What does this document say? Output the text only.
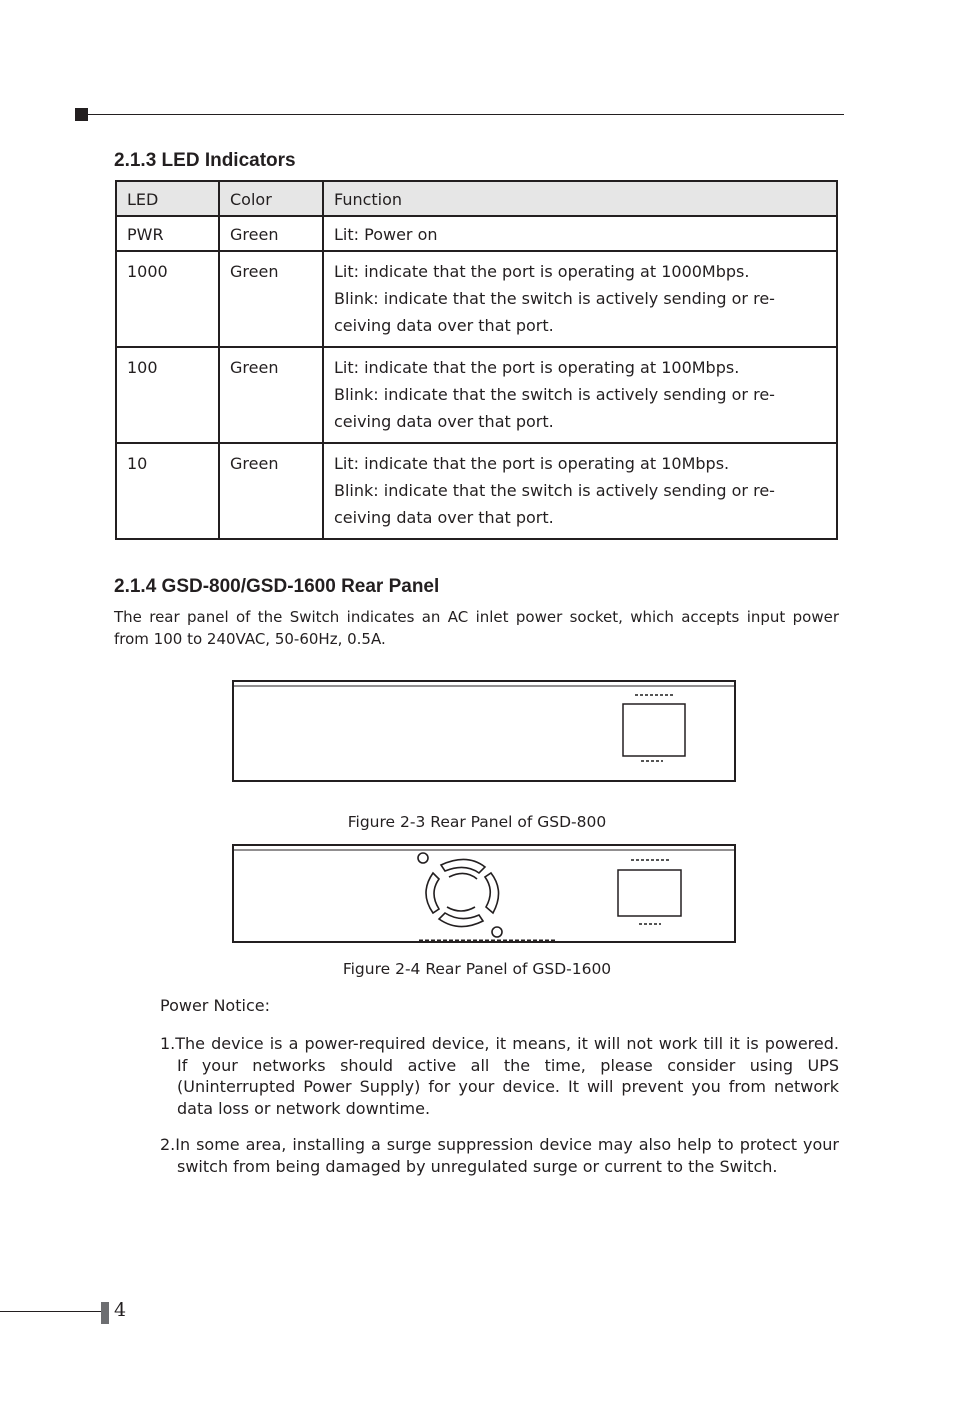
2.1.3 LED Indicators
LED	Color	Function
PWR	Green	Lit: Power on

1000	Green	Lit: indicate that the port is operating at 1000Mbps.
Blink: indicate that the switch is actively sending or re-
ceiving data over that port.

100	Green	Lit: indicate that the port is operating at 100Mbps.
Blink: indicate that the switch is actively sending or re-
ceiving data over that port.

10	Green	Lit: indicate that the port is operating at 10Mbps.
Blink: indicate that the switch is actively sending or re-
ceiving data over that port.
2.1.4 GSD-800/GSD-1600 Rear Panel
The rear panel of the Switch indicates an AC inlet power socket, which accepts input power from 100 to 240VAC, 50-60Hz, 0.5A.
Figure 2-3 Rear Panel of GSD-800
Figure 2-4 Rear Panel of GSD-1600
Power Notice:
1.The device is a power-required device, it means, it will not work till it is powered. If your networks should active all the time, please consider using UPS (Uninterrupted Power Supply) for your device. It will prevent you from network data loss or network downtime.
2.In some area, installing a surge suppression device may also help to protect your switch from being damaged by unregulated surge or current to the Switch.
4
